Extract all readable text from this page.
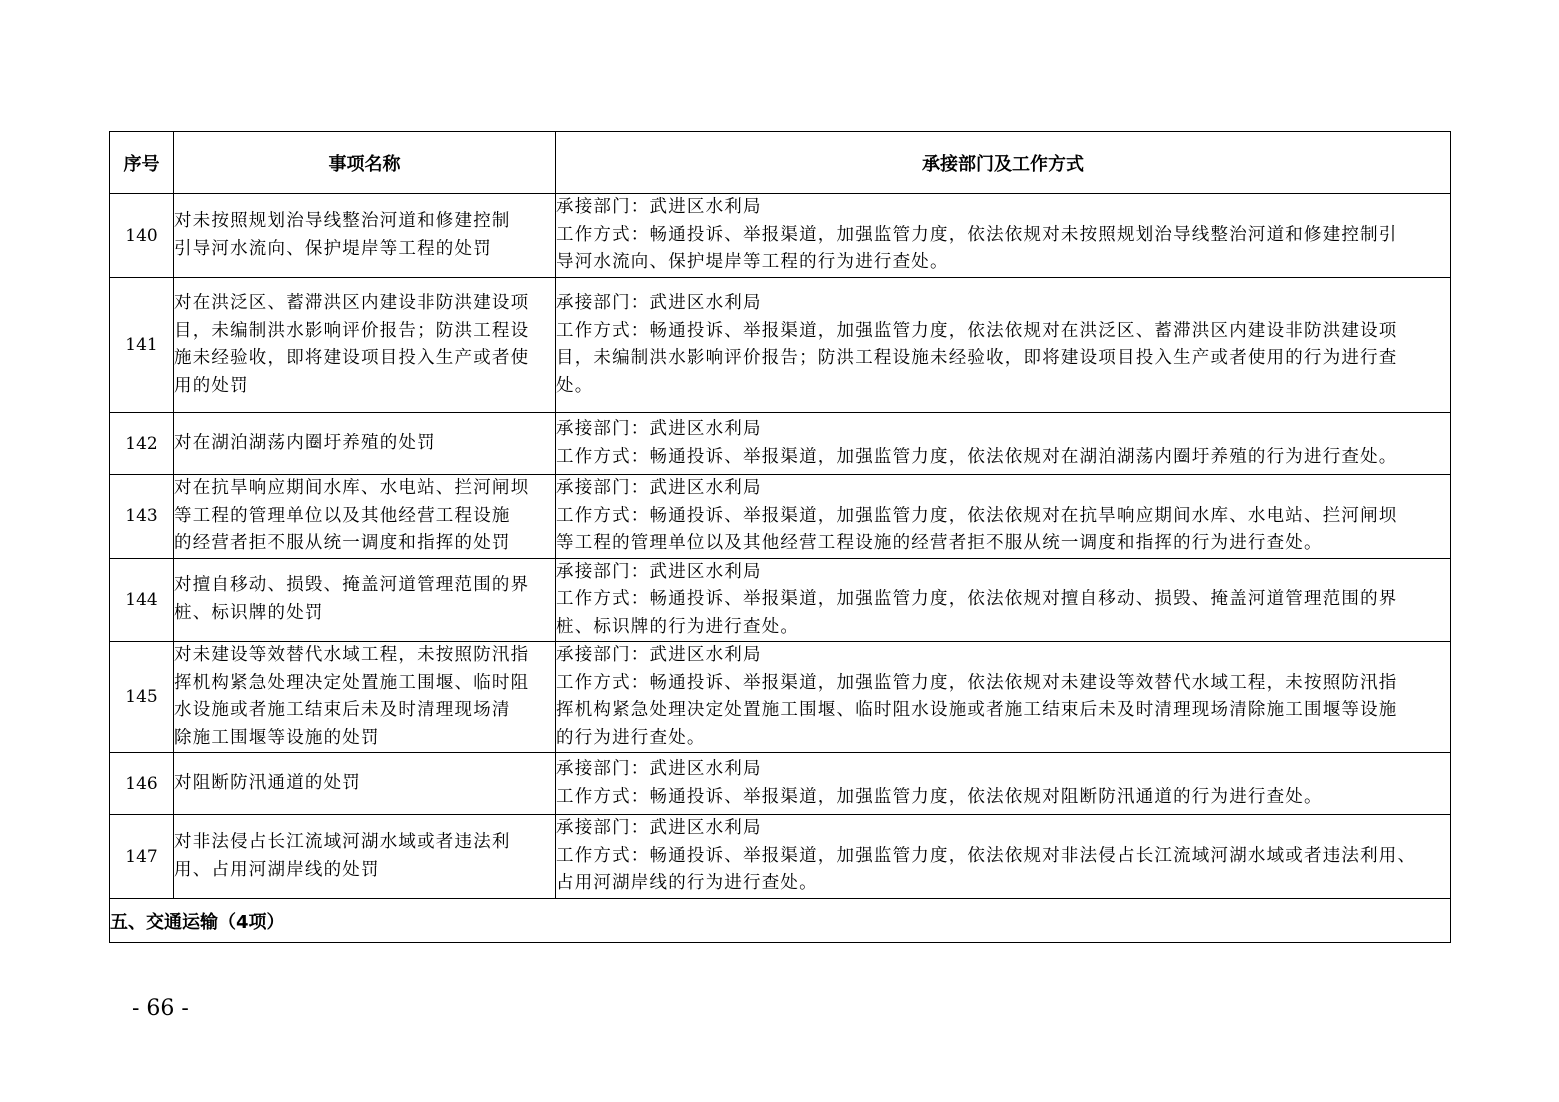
序号	事项名称	承接部门及工作方式
140	对未按照规划治导线整治河道和修建控制
引导河水流向、保护堤岸等工程的处罚	承接部门：武进区水利局
工作方式：畅通投诉、举报渠道，加强监管力度，依法依规对未按照规划治导线整治河道和修建控制引
导河水流向、保护堤岸等工程的行为进行查处。

141	对在洪泛区、蓄滞洪区内建设非防洪建设项
目，未编制洪水影响评价报告；防洪工程设
施未经验收，即将建设项目投入生产或者使
用的处罚	承接部门：武进区水利局
工作方式：畅通投诉、举报渠道，加强监管力度，依法依规对在洪泛区、蓄滞洪区内建设非防洪建设项
目，未编制洪水影响评价报告；防洪工程设施未经验收，即将建设项目投入生产或者使用的行为进行查
处。

142	对在湖泊湖荡内圈圩养殖的处罚	承接部门：武进区水利局
工作方式：畅通投诉、举报渠道，加强监管力度，依法依规对在湖泊湖荡内圈圩养殖的行为进行查处。

143	对在抗旱响应期间水库、水电站、拦河闸坝
等工程的管理单位以及其他经营工程设施
的经营者拒不服从统一调度和指挥的处罚	承接部门：武进区水利局
工作方式：畅通投诉、举报渠道，加强监管力度，依法依规对在抗旱响应期间水库、水电站、拦河闸坝
等工程的管理单位以及其他经营工程设施的经营者拒不服从统一调度和指挥的行为进行查处。

144	对擅自移动、损毁、掩盖河道管理范围的界
桩、标识牌的处罚	承接部门：武进区水利局
工作方式：畅通投诉、举报渠道，加强监管力度，依法依规对擅自移动、损毁、掩盖河道管理范围的界
桩、标识牌的行为进行查处。

145	对未建设等效替代水域工程，未按照防汛指
挥机构紧急处理决定处置施工围堰、临时阻
水设施或者施工结束后未及时清理现场清
除施工围堰等设施的处罚	承接部门：武进区水利局
工作方式：畅通投诉、举报渠道，加强监管力度，依法依规对未建设等效替代水域工程，未按照防汛指
挥机构紧急处理决定处置施工围堰、临时阻水设施或者施工结束后未及时清理现场清除施工围堰等设施
的行为进行查处。

146	对阻断防汛通道的处罚	承接部门：武进区水利局
工作方式：畅通投诉、举报渠道，加强监管力度，依法依规对阻断防汛通道的行为进行查处。

147	对非法侵占长江流域河湖水域或者违法利
用、占用河湖岸线的处罚	承接部门：武进区水利局
工作方式：畅通投诉、举报渠道，加强监管力度，依法依规对非法侵占长江流域河湖水域或者违法利用、
占用河湖岸线的行为进行查处。

五、交通运输（4项）		
- 66 -
